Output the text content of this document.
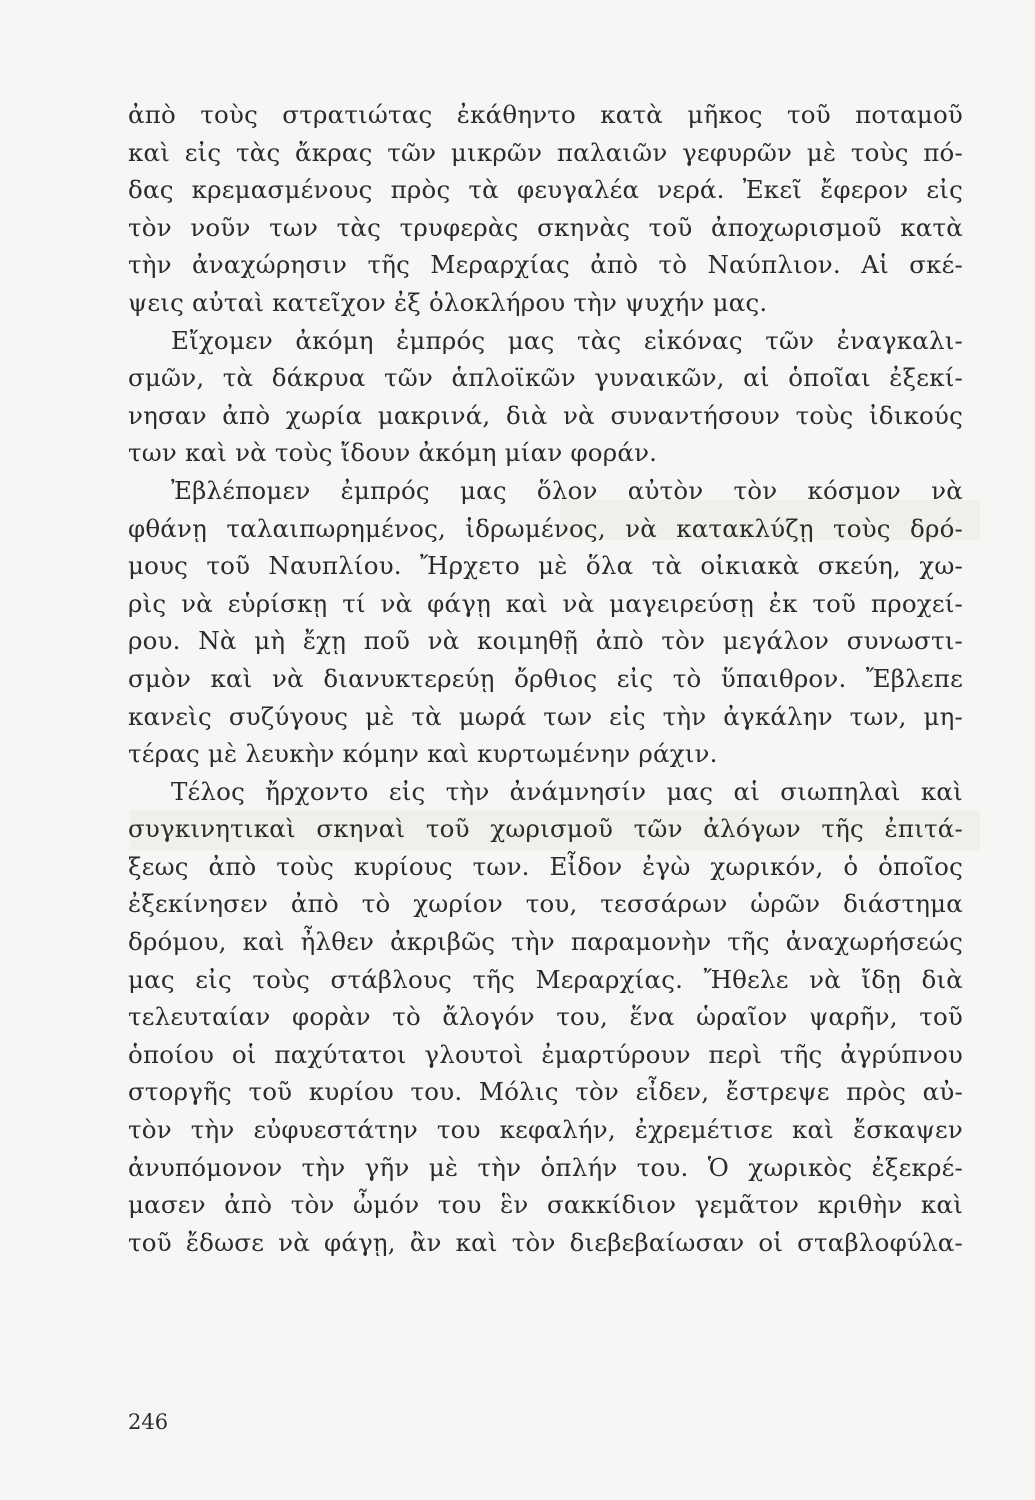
ἀπὸ τοὺς στρατιώτας ἐκάθηντο κατὰ μῆκος τοῦ ποταμοῦ
καὶ εἰς τὰς ἄκρας τῶν μικρῶν παλαιῶν γεφυρῶν μὲ τοὺς πό-
δας κρεμασμένους πρὸς τὰ φευγαλέα νερά. Ἐκεῖ ἔφερον εἰς
τὸν νοῦν των τὰς τρυφερὰς σκηνὰς τοῦ ἀποχωρισμοῦ κατὰ
τὴν ἀναχώρησιν τῆς Μεραρχίας ἀπὸ τὸ Ναύπλιον. Αἱ σκέ-
ψεις αὐταὶ κατεῖχον ἐξ ὁλοκλήρου τὴν ψυχήν μας.
Εἴχομεν ἀκόμη ἐμπρός μας τὰς εἰκόνας τῶν ἐναγκαλι-
σμῶν, τὰ δάκρυα τῶν ἁπλοϊκῶν γυναικῶν, αἱ ὁποῖαι ἐξεκί-
νησαν ἀπὸ χωρία μακρινά, διὰ νὰ συναντήσουν τοὺς ἰδικούς
των καὶ νὰ τοὺς ἴδουν ἀκόμη μίαν φοράν.
Ἐβλέπομεν ἐμπρός μας ὅλον αὐτὸν τὸν κόσμον νὰ
φθάνῃ ταλαιπωρημένος, ἱδρωμένος, νὰ κατακλύζῃ τοὺς δρό-
μους τοῦ Ναυπλίου. Ἤρχετο μὲ ὅλα τὰ οἰκιακὰ σκεύη, χω-
ρὶς νὰ εὑρίσκῃ τί νὰ φάγῃ καὶ νὰ μαγειρεύσῃ ἐκ τοῦ προχεί-
ρου. Νὰ μὴ ἔχῃ ποῦ νὰ κοιμηθῇ ἀπὸ τὸν μεγάλον συνωστι-
σμὸν καὶ νὰ διανυκτερεύῃ ὄρθιος εἰς τὸ ὕπαιθρον. Ἔβλεπε
κανεὶς συζύγους μὲ τὰ μωρά των εἰς τὴν ἀγκάλην των, μη-
τέρας μὲ λευκὴν κόμην καὶ κυρτωμένην ράχιν.
Τέλος ἤρχοντο εἰς τὴν ἀνάμνησίν μας αἱ σιωπηλαὶ καὶ
συγκινητικαὶ σκηναὶ τοῦ χωρισμοῦ τῶν ἀλόγων τῆς ἐπιτά-
ξεως ἀπὸ τοὺς κυρίους των. Εἶδον ἐγὼ χωρικόν, ὁ ὁποῖος
ἐξεκίνησεν ἀπὸ τὸ χωρίον του, τεσσάρων ὡρῶν διάστημα
δρόμου, καὶ ἦλθεν ἀκριβῶς τὴν παραμονὴν τῆς ἀναχωρήσεώς
μας εἰς τοὺς στάβλους τῆς Μεραρχίας. Ἤθελε νὰ ἴδῃ διὰ
τελευταίαν φορὰν τὸ ἄλογόν του, ἕνα ὡραῖον ψαρῆν, τοῦ
ὁποίου οἱ παχύτατοι γλουτοὶ ἐμαρτύρουν περὶ τῆς ἀγρύπνου
στοργῆς τοῦ κυρίου του. Μόλις τὸν εἶδεν, ἔστρεψε πρὸς αὐ-
τὸν τὴν εὐφυεστάτην του κεφαλήν, ἐχρεμέτισε καὶ ἔσκαψεν
ἀνυπόμονον τὴν γῆν μὲ τὴν ὁπλήν του. Ὁ χωρικὸς ἐξεκρέ-
μασεν ἀπὸ τὸν ὦμόν του ἓν σακκίδιον γεμᾶτον κριθὴν καὶ
τοῦ ἔδωσε νὰ φάγῃ, ἂν καὶ τὸν διεβεβαίωσαν οἱ σταβλοφύλα-
246
